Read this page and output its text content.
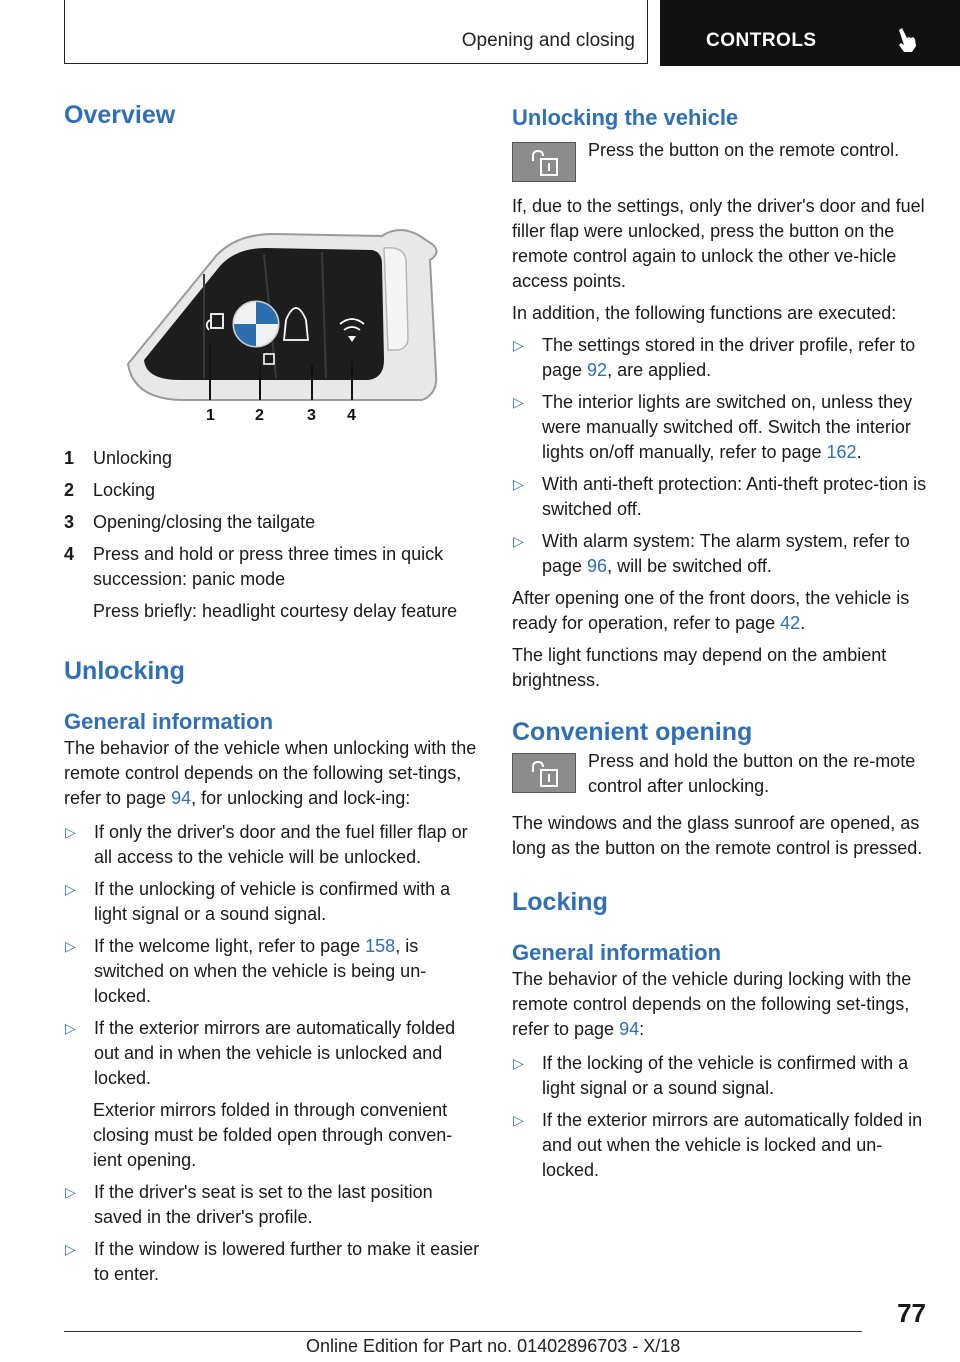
Opening and closing	CONTROLS
Overview
1	2	3 4
1	Unlocking
2	Locking
3	Opening/closing the tailgate
4	Press and hold or press three times in quick succession: panic mode
Press briefly: headlight courtesy delay feature
Unlocking
General information

The behavior of the vehicle when unlocking with the remote control depends on the following set-tings, refer to page 94, for unlocking and lock-ing:

▷	If only the driver's door and the fuel filler flap or all access to the vehicle will be unlocked.
▷	If the unlocking of vehicle is confirmed with a light signal or a sound signal.
▷	If the welcome light, refer to page 158, is switched on when the vehicle is being un-locked.
▷	If the exterior mirrors are automatically folded out and in when the vehicle is unlocked and locked.
Exterior mirrors folded in through convenient closing must be folded open through conven-ient opening.
▷	If the driver's seat is set to the last position saved in the driver's profile.
▷	If the window is lowered further to make it easier to enter.
Unlocking the vehicle
Press the button on the remote control.

If, due to the settings, only the driver's door and fuel filler flap were unlocked, press the button on the remote control again to unlock the other ve-hicle access points.

In addition, the following functions are executed:

▷	The settings stored in the driver profile, refer to page 92, are applied.
▷	The interior lights are switched on, unless they were manually switched off. Switch the interior lights on/off manually, refer to page 162.
▷	With anti-theft protection: Anti-theft protec-tion is switched off.
▷	With alarm system: The alarm system, refer to page 96, will be switched off.

After opening one of the front doors, the vehicle is ready for operation, refer to page 42.

The light functions may depend on the ambient brightness.

Convenient opening
Press and hold the button on the re-mote control after unlocking.

The windows and the glass sunroof are opened, as long as the button on the remote control is pressed.

Locking
General information

The behavior of the vehicle during locking with the remote control depends on the following set-tings, refer to page 94:

▷	If the locking of the vehicle is confirmed with a light signal or a sound signal.
▷	If the exterior mirrors are automatically folded in and out when the vehicle is locked and un-locked.
77
Online Edition for Part no. 01402896703 - X/18
